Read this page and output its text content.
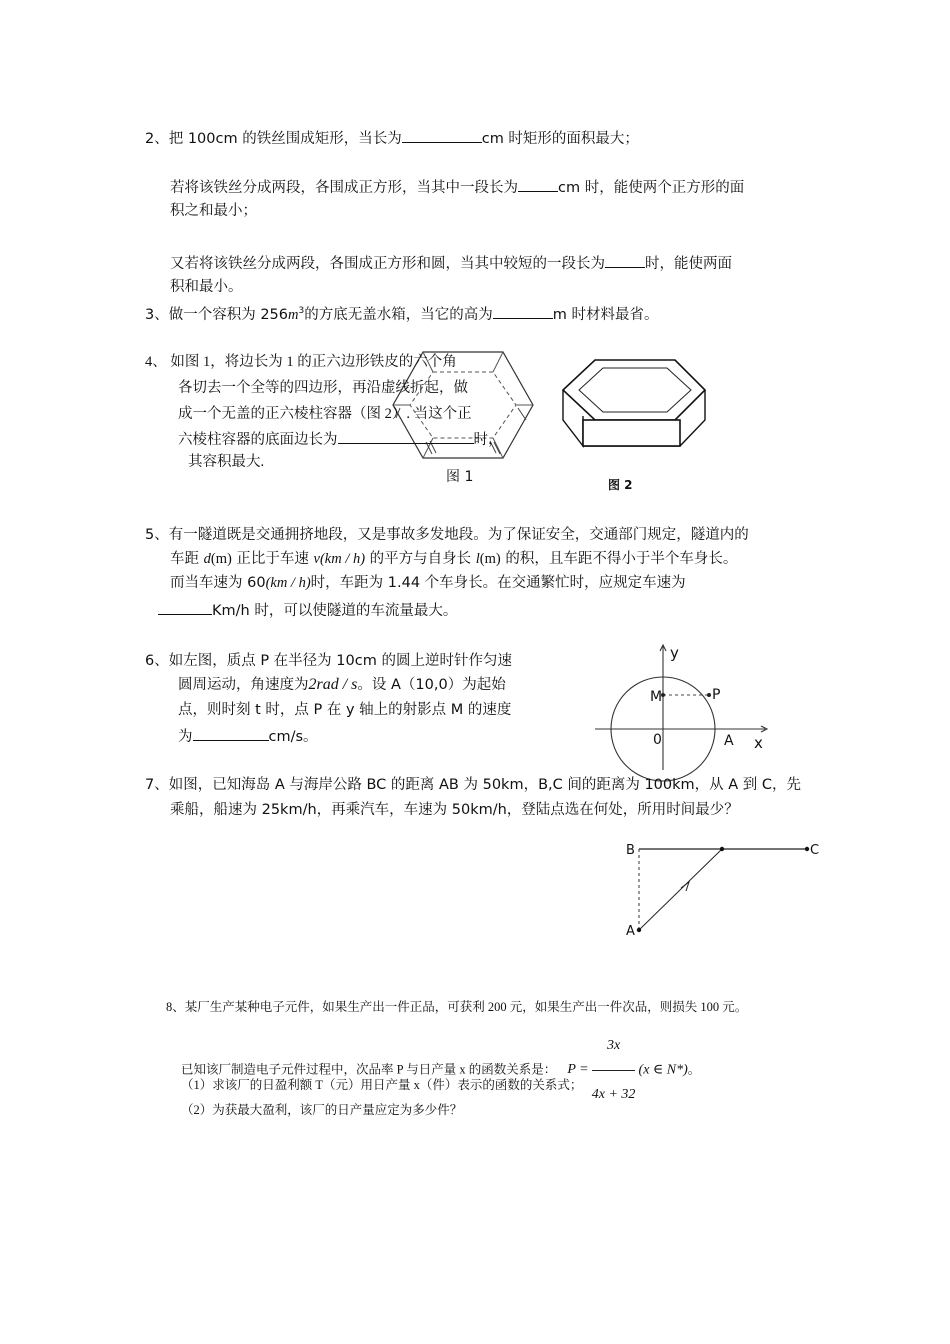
2、把 100cm 的铁丝围成矩形，当长为	cm 时矩形的面积最大；
若将该铁丝分成两段，各围成正方形，当其中一段长为	cm 时，能使两个正方形的面
积之和最小；
又若将该铁丝分成两段，各围成正方形和圆，当其中较短的一段长为	时，能使两面
积和最小。
3、做一个容积为 $256m^3$的方底无盖水箱，当它的高为	m 时材料最省。
图 1	图 2
4、 如图 1，将边长为 1 的正六边形铁皮的六个角
各切去一个全等的四边形，再沿虚线折起，做
成一个无盖的正六棱柱容器（图 2）. 当这个正
六棱柱容器的底面边长为	时，
其容积最大.
5、有一隧道既是交通拥挤地段，又是事故多发地段。为了保证安全，交通部门规定，隧道内的
车距 d(m) 正比于车速 v(km / h) 的平方与自身长 l(m) 的积，且车距不得小于半个车身长。
而当车速为 60(km / h)时，车距为 1.44 个车身长。在交通繁忙时，应规定车速为
Km/h 时，可以使隧道的车流量最大。
y
x
M	P
0	A
6、如左图，质点 P 在半径为 10cm 的圆上逆时针作匀速
圆周运动，角速度为2rad / s。设 A（10,0）为起始
点，则时刻 t 时，点 P 在 y 轴上的射影点 M 的速度
为	cm/s。
7、如图，已知海岛 A 与海岸公路 BC 的距离 AB 为 50km，B,C 间的距离为 100km，从 A 到 C，先
乘船，船速为 25km/h，再乘汽车，车速为 50km/h，登陆点选在何处，所用时间最少？
B	C
A
8、某厂生产某种电子元件，如果生产出一件正品，可获利 200 元，如果生产出一件次品，则损失 100 元。
已知该厂制造电子元件过程中，次品率 P 与日产量 x 的函数关系是： $P = \frac{3x}{4x + 32} (x$ ∈ N*)。
（1）求该厂的日盈利额 T（元）用日产量 x（件）表示的函数的关系式；
（2）为获最大盈利，该厂的日产量应定为多少件？
